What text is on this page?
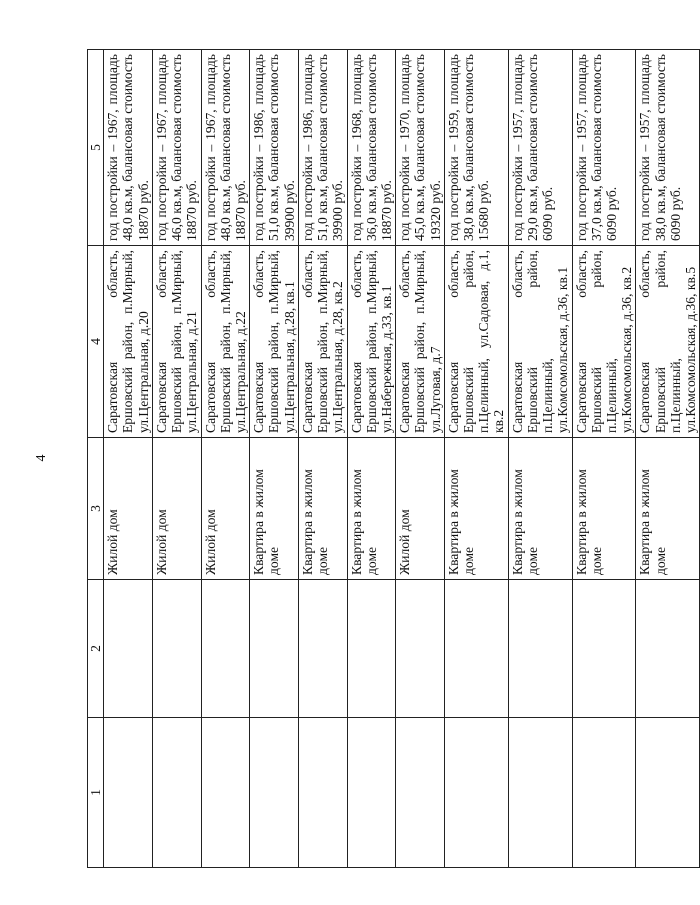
4
1	2	3	4	5
		Жилой дом	Саратовская область, Ершовский район, п.Мирный, ул.Центральная, д.20	год постройки – 1967, площадь 48,0 кв.м, балансовая стоимость 18870 руб.
		Жилой дом	Саратовская область, Ершовский район, п.Мирный, ул.Центральная, д.21	год постройки – 1967, площадь 46,0 кв.м, балансовая стоимость 18870 руб.
		Жилой дом	Саратовская область, Ершовский район, п.Мирный, ул.Центральная, д.22	год постройки – 1967, площадь 48,0 кв.м, балансовая стоимость 18870 руб.
		Квартира в жилом доме	Саратовская область, Ершовский район, п.Мирный, ул.Центральная, д.28, кв.1	год постройки – 1986, площадь 51,0 кв.м, балансовая стоимость 39900 руб.
		Квартира в жилом доме	Саратовская область, Ершовский район, п.Мирный, ул.Центральная, д.28, кв.2	год постройки – 1986, площадь 51,0 кв.м, балансовая стоимость 39900 руб.
		Квартира в жилом доме	Саратовская область, Ершовский район, п.Мирный, ул.Набережная, д.33, кв.1	год постройки – 1968, площадь 36,0 кв.м, балансовая стоимость 18870 руб.
		Жилой дом	Саратовская область, Ершовский район, п.Мирный, ул.Луговая, д.7	год постройки – 1970, площадь 45,0 кв.м, балансовая стоимость 19320 руб.
		Квартира в жилом доме	Саратовская область, Ершовский район, п.Целинный, ул.Садовая, д.1, кв.2	год постройки – 1959, площадь 38,0 кв.м, балансовая стоимость 15680 руб.
		Квартира в жилом доме	Саратовская область, Ершовский район, п.Целинный, ул.Комсомольская, д.36, кв.1	год постройки – 1957, площадь 29,0 кв.м, балансовая стоимость 6090 руб.
		Квартира в жилом доме	Саратовская область, Ершовский район, п.Целинный, ул.Комсомольская, д.36, кв.2	год постройки – 1957, площадь 37,0 кв.м, балансовая стоимость 6090 руб.
		Квартира в жилом доме	Саратовская область, Ершовский район, п.Целинный, ул.Комсомольская, д.36, кв.5	год постройки – 1957, площадь 38,0 кв.м, балансовая стоимость 6090 руб.
